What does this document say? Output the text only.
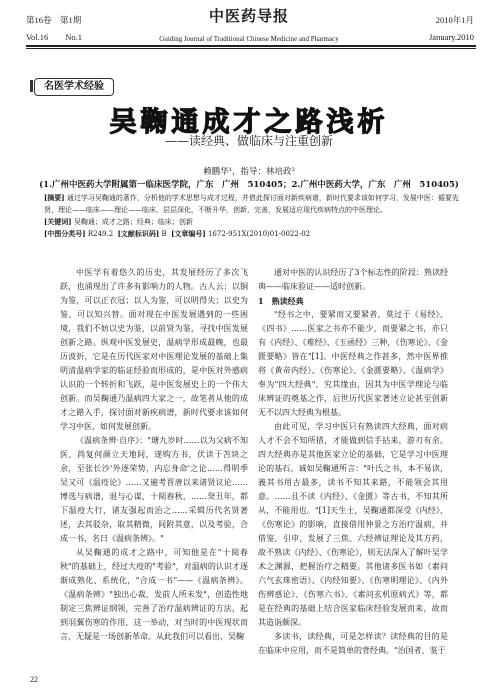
第16卷　第1期
Vol.16　　No.1
中医药导报
Guiding Journal of Traditional Chinese Medicine and Pharmacy
2010年1月
January.2010
名医学术经验
吴鞠通成才之路浅析
——读经典、做临床与注重创新
赖鹏华¹，指导：林培政²
(1.广州中医药大学附属第一临床医学院，广东　广州　510405；2.广州中医药大学，广东　广州　510405)
[摘要] 通过学习吴鞠通的著作，分析他的学术思想与成才过程，并借此探讨面对新疾病谱，新时代要求该如何学习，发展中医：循要先贤，理论——临床——理论——临床，层层深化，不断升华，创新，完善，发展适应现代疾病特点的中医理论。
[关键词] 吴鞠通；成才之路；经典；临床；创新
[中图分类号] R249.2 [文献标识码] B [文章编号] 1672-951X(2010)01-0022-02

中医学有着悠久的历史，其发展经历了多次飞跃，也涌现出了许多有影响力的人物。古人云：以铜为鉴，可以正衣冠；以人为鉴，可以明得失；以史为鉴，可以知兴替。面对现在中医发展遇到的一些困境，我们不妨以史为鉴，以前贤为鉴，寻找中医发展创新之路。纵观中医发展史，温病学形成最晚，也最历波折，它是在历代医家对中医理论发展的基础上集明清温病学家的临证经验而形成的，是中医对外感病认识的一个转折和飞跃，是中医发展史上的一个伟大创新。而吴鞠通乃温病四大家之一，故笔者从他的成才之路入手，探讨面对新疾病谱，新时代要求该如何学习中医，如何发展创新。

《温病条辨·自序》："瑭九岁时……以为父病不知医，尚复何颜立天地间，遂购方书，伏读于苫块之余，至张长沙'外逐荣势，内忘身命'之论……得明季吴又可《温疫论》……又遍考晋唐以来诸贤议论……博选与病谱，退与心谋，十阅春秋，……癸丑年，都下温疫大行，诸友强起而治之……采辑历代名贤著述，去其驳杂，取其精微，间附其意，以及考验，合成一书，名曰《温病条辨》。"

从吴鞠通的成才之路中，可知他是在"十阅春秋"的基础上，经过大疫的"考验"，对温病的认识才逐渐成熟化、系统化，"合成一书"——《温病条辨》。《温病条辨》"独出心裁，发前人所未发"，创造性地制定三焦辨证纲领，完善了治疗温病辨证的方法，起到羽翼伤寒的作用，这一举动，对当时的中医现状而言，无疑是一场创新革命。从此我们可以看出，吴鞠

通对中医的认识经历了3个标志性的阶段：熟读经典——临床验证——适时创新。

1　熟读经典

"经书之中，要紧而又要紧者，莫过于《易经》、《四书》……医家之书亦不能少，而要紧之书，亦只有《内经》、《难经》、《玉函经》三种，《伤寒论》、《金匮要略》皆在"[1]。中医经典之作甚多，然中医界推将《黄帝内经》、《伤寒论》、《金匮要略》、《温病学》奉为"四大经典"，究其缘由，因其为中医学理论与临床辨证的奠基之作，后世历代医家著述立论甚至创新无不以四大经典为根基。

由此可见，学习中医只有熟读四大经典，面对病人才不会不知所措，才能做到信手拈来，游刃有余。四大经典亦是其他医家立论的基础，它是学习中医理论的基石。诚如吴鞠通所言："叶氏之书，本不易读，義其书用古最多，读书不知其来路，不能领会其用意。……且不读《内经》、《金匮》等古书，不知其所从，不能用也。"[1]天生士，吴鞠通都深受《内经》、《伤寒论》的影响，直接借用仲景之方治疗温病，并借鉴，引申，发展了三焦、六经辨证理论及其方药，故不熟读《内经》、《伤寒论》，则无法深入了解叶吴学术之渊源，把握治疗之精要。其他诸多医书如《素问六气玄珠密语》、《内经知要》、《伤寒明理论》、《内外伤辨惑论》、《伤寒六书》、《素问玄机原病式》等，都是在经典的基础上结合医家临床经验发展而来，故而其造诣颇深。

多读书，读经典，可是怎样读？读经典的目的是在临床中应用，而不是简单的背经典。"治国者，鉴于

22
